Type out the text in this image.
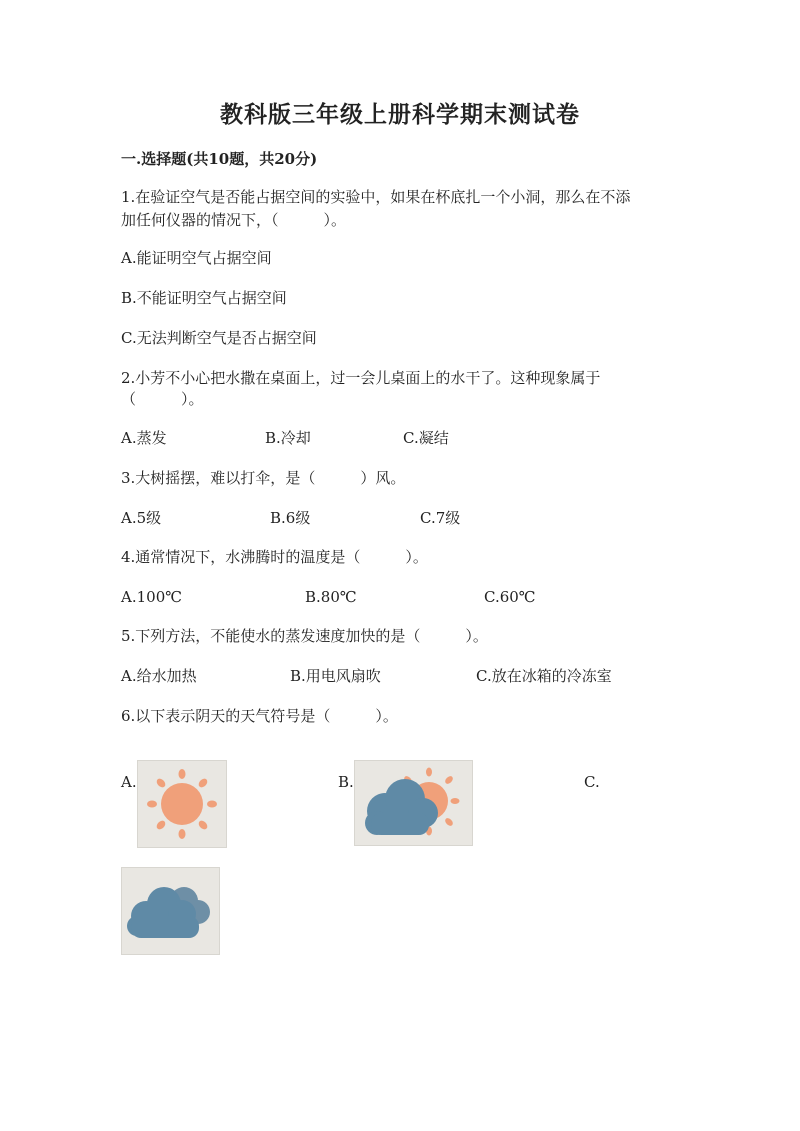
教科版三年级上册科学期末测试卷
一.选择题(共10题，共20分)
1.在验证空气是否能占据空间的实验中，如果在杯底扎一个小洞，那么在不添
加任何仪器的情况下，（　　　）。
A.能证明空气占据空间
B.不能证明空气占据空间
C.无法判断空气是否占据空间
2.小芳不小心把水撒在桌面上，过一会儿桌面上的水干了。这种现象属于
（　　　）。
A.蒸发	B.冷却	C.凝结
3.大树摇摆，难以打伞，是（　　　）风。
A.5级	B.6级	C.7级
4.通常情况下，水沸腾时的温度是（　　　）。
A.100℃	B.80℃	C.60℃
5.下列方法，不能使水的蒸发速度加快的是（　　　）。
A.给水加热	B.用电风扇吹	C.放在冰箱的冷冻室
6.以下表示阴天的天气符号是（　　　）。
A.	B.	C.
